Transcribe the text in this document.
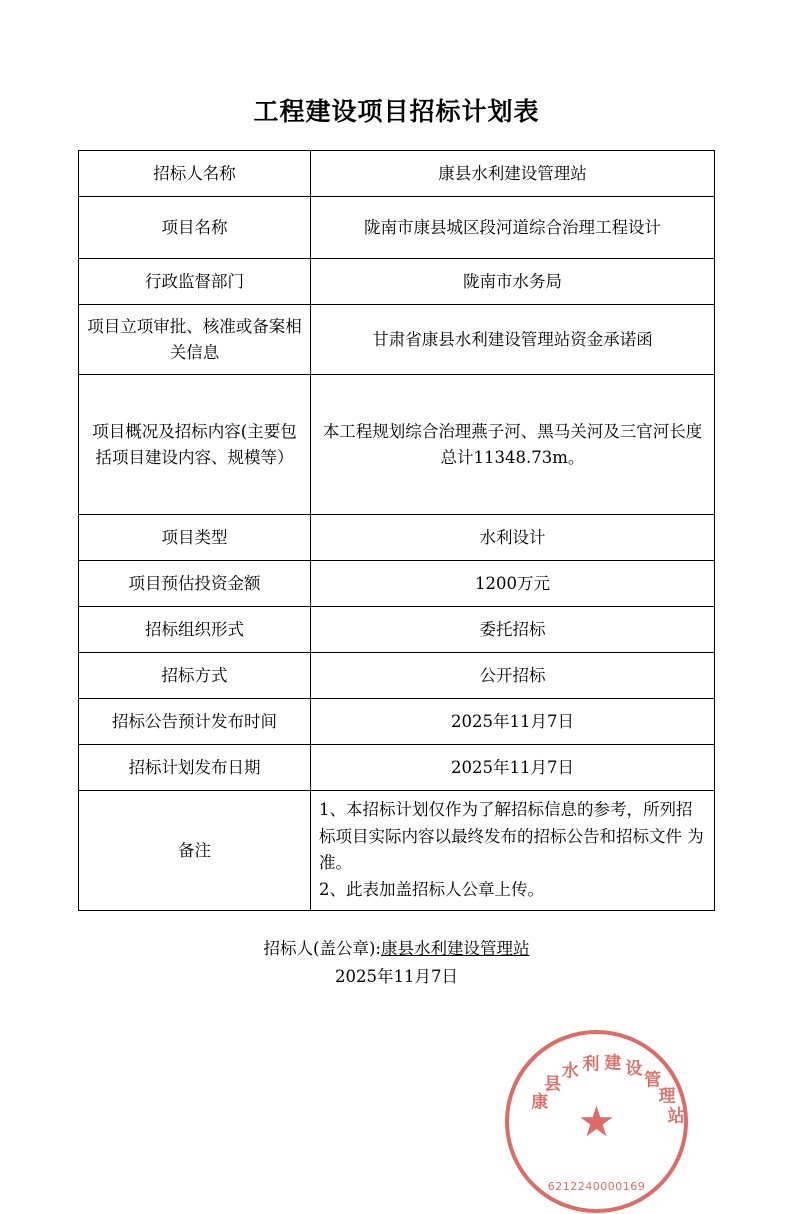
工程建设项目招标计划表
招标人名称	康县水利建设管理站
项目名称	陇南市康县城区段河道综合治理工程设计
行政监督部门	陇南市水务局
项目立项审批、核准或备案相关信息	甘肃省康县水利建设管理站资金承诺函
项目概况及招标内容(主要包括项目建设内容、规模等）	本工程规划综合治理燕子河、黑马关河及三官河长度总计11348.73m。
项目类型	水利设计
项目预估投资金额	1200万元
招标组织形式	委托招标
招标方式	公开招标
招标公告预计发布时间	2025年11月7日
招标计划发布日期	2025年11月7日
备注	1、本招标计划仅作为了解招标信息的参考，所列招 标项目实际内容以最终发布的招标公告和招标文件 为准。
2、此表加盖招标人公章上传。
招标人(盖公章):康县水利建设管理站
2025年11月7日
康
县
水 利 建 设
管
理
站
★
6212240000169
